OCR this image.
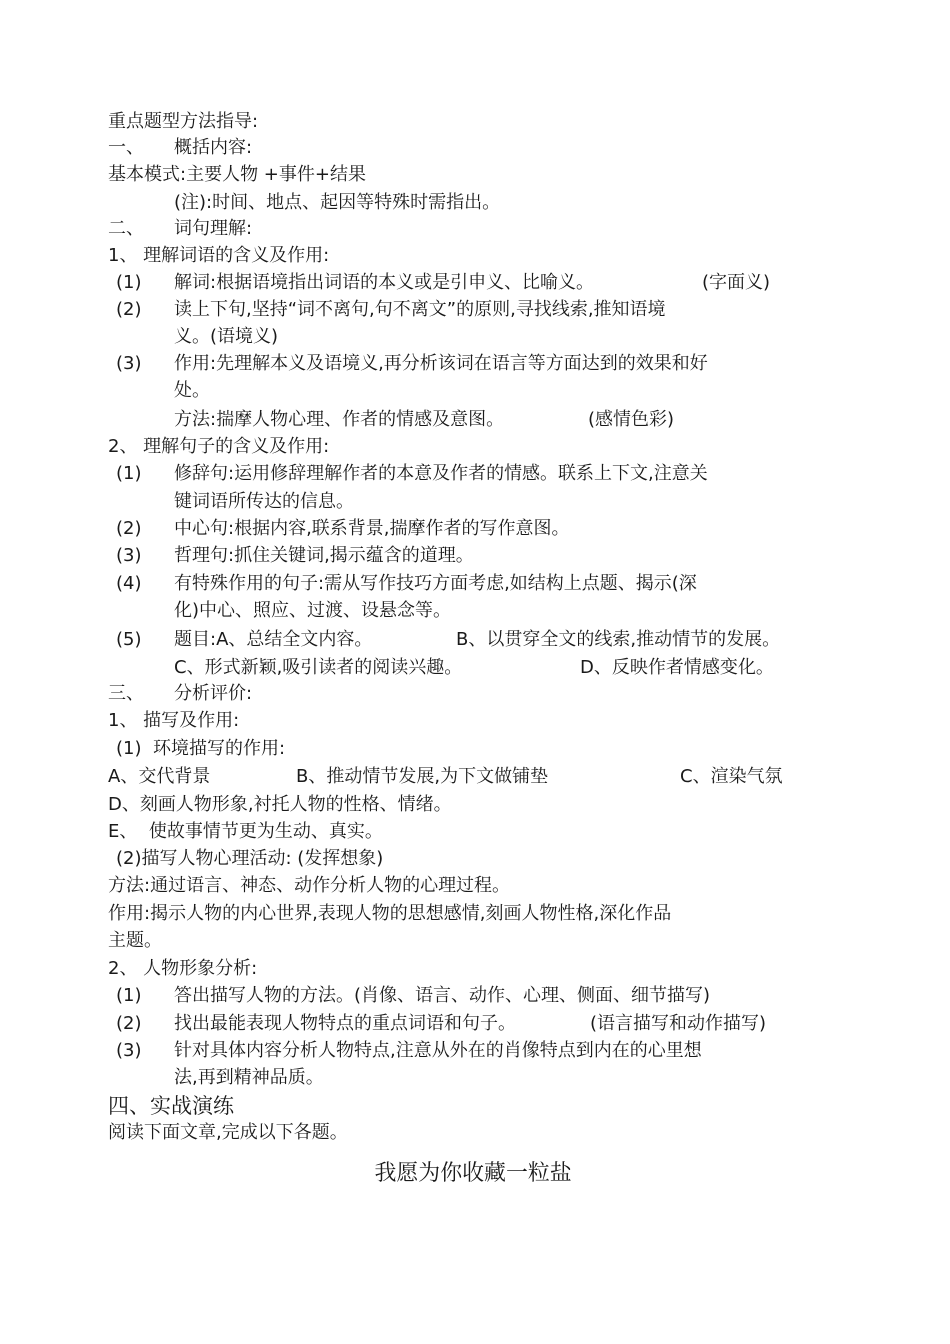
重点题型方法指导:
一、 概括内容:
基本模式:主要人物 +事件+结果
(注):时间、地点、起因等特殊时需指出。
二、 词句理解:
1、 理解词语的含义及作用:
(1) 解词:根据语境指出词语的本义或是引申义、比喻义。	(字面义)
(2) 读上下句,坚持“词不离句,句不离文”的原则,寻找线索,推知语境
义。(语境义)
(3) 作用:先理解本义及语境义,再分析该词在语言等方面达到的效果和好
处。
方法:揣摩人物心理、作者的情感及意图。	(感情色彩)
2、 理解句子的含义及作用:
(1) 修辞句:运用修辞理解作者的本意及作者的情感。联系上下文,注意关
键词语所传达的信息。
(2) 中心句:根据内容,联系背景,揣摩作者的写作意图。
(3) 哲理句:抓住关键词,揭示蕴含的道理。
(4) 有特殊作用的句子:需从写作技巧方面考虑,如结构上点题、揭示(深
化)中心、照应、过渡、设悬念等。
(5) 题目:A、总结全文内容。	B、以贯穿全文的线索,推动情节的发展。
C、形式新颖,吸引读者的阅读兴趣。	D、反映作者情感变化。
三、 分析评价:
1、 描写及作用:
(1)  环境描写的作用:
A、交代背景	B、推动情节发展,为下文做铺垫	C、渲染气氛
D、刻画人物形象,衬托人物的性格、情绪。
E、  使故事情节更为生动、真实。
(2)描写人物心理活动: (发挥想象)
方法:通过语言、神态、动作分析人物的心理过程。
作用:揭示人物的内心世界,表现人物的思想感情,刻画人物性格,深化作品
主题。
2、 人物形象分析:
(1) 答出描写人物的方法。(肖像、语言、动作、心理、侧面、细节描写)
(2) 找出最能表现人物特点的重点词语和句子。	(语言描写和动作描写)
(3) 针对具体内容分析人物特点,注意从外在的肖像特点到内在的心里想
法,再到精神品质。
四、实战演练
阅读下面文章,完成以下各题。
我愿为你收藏一粒盐
